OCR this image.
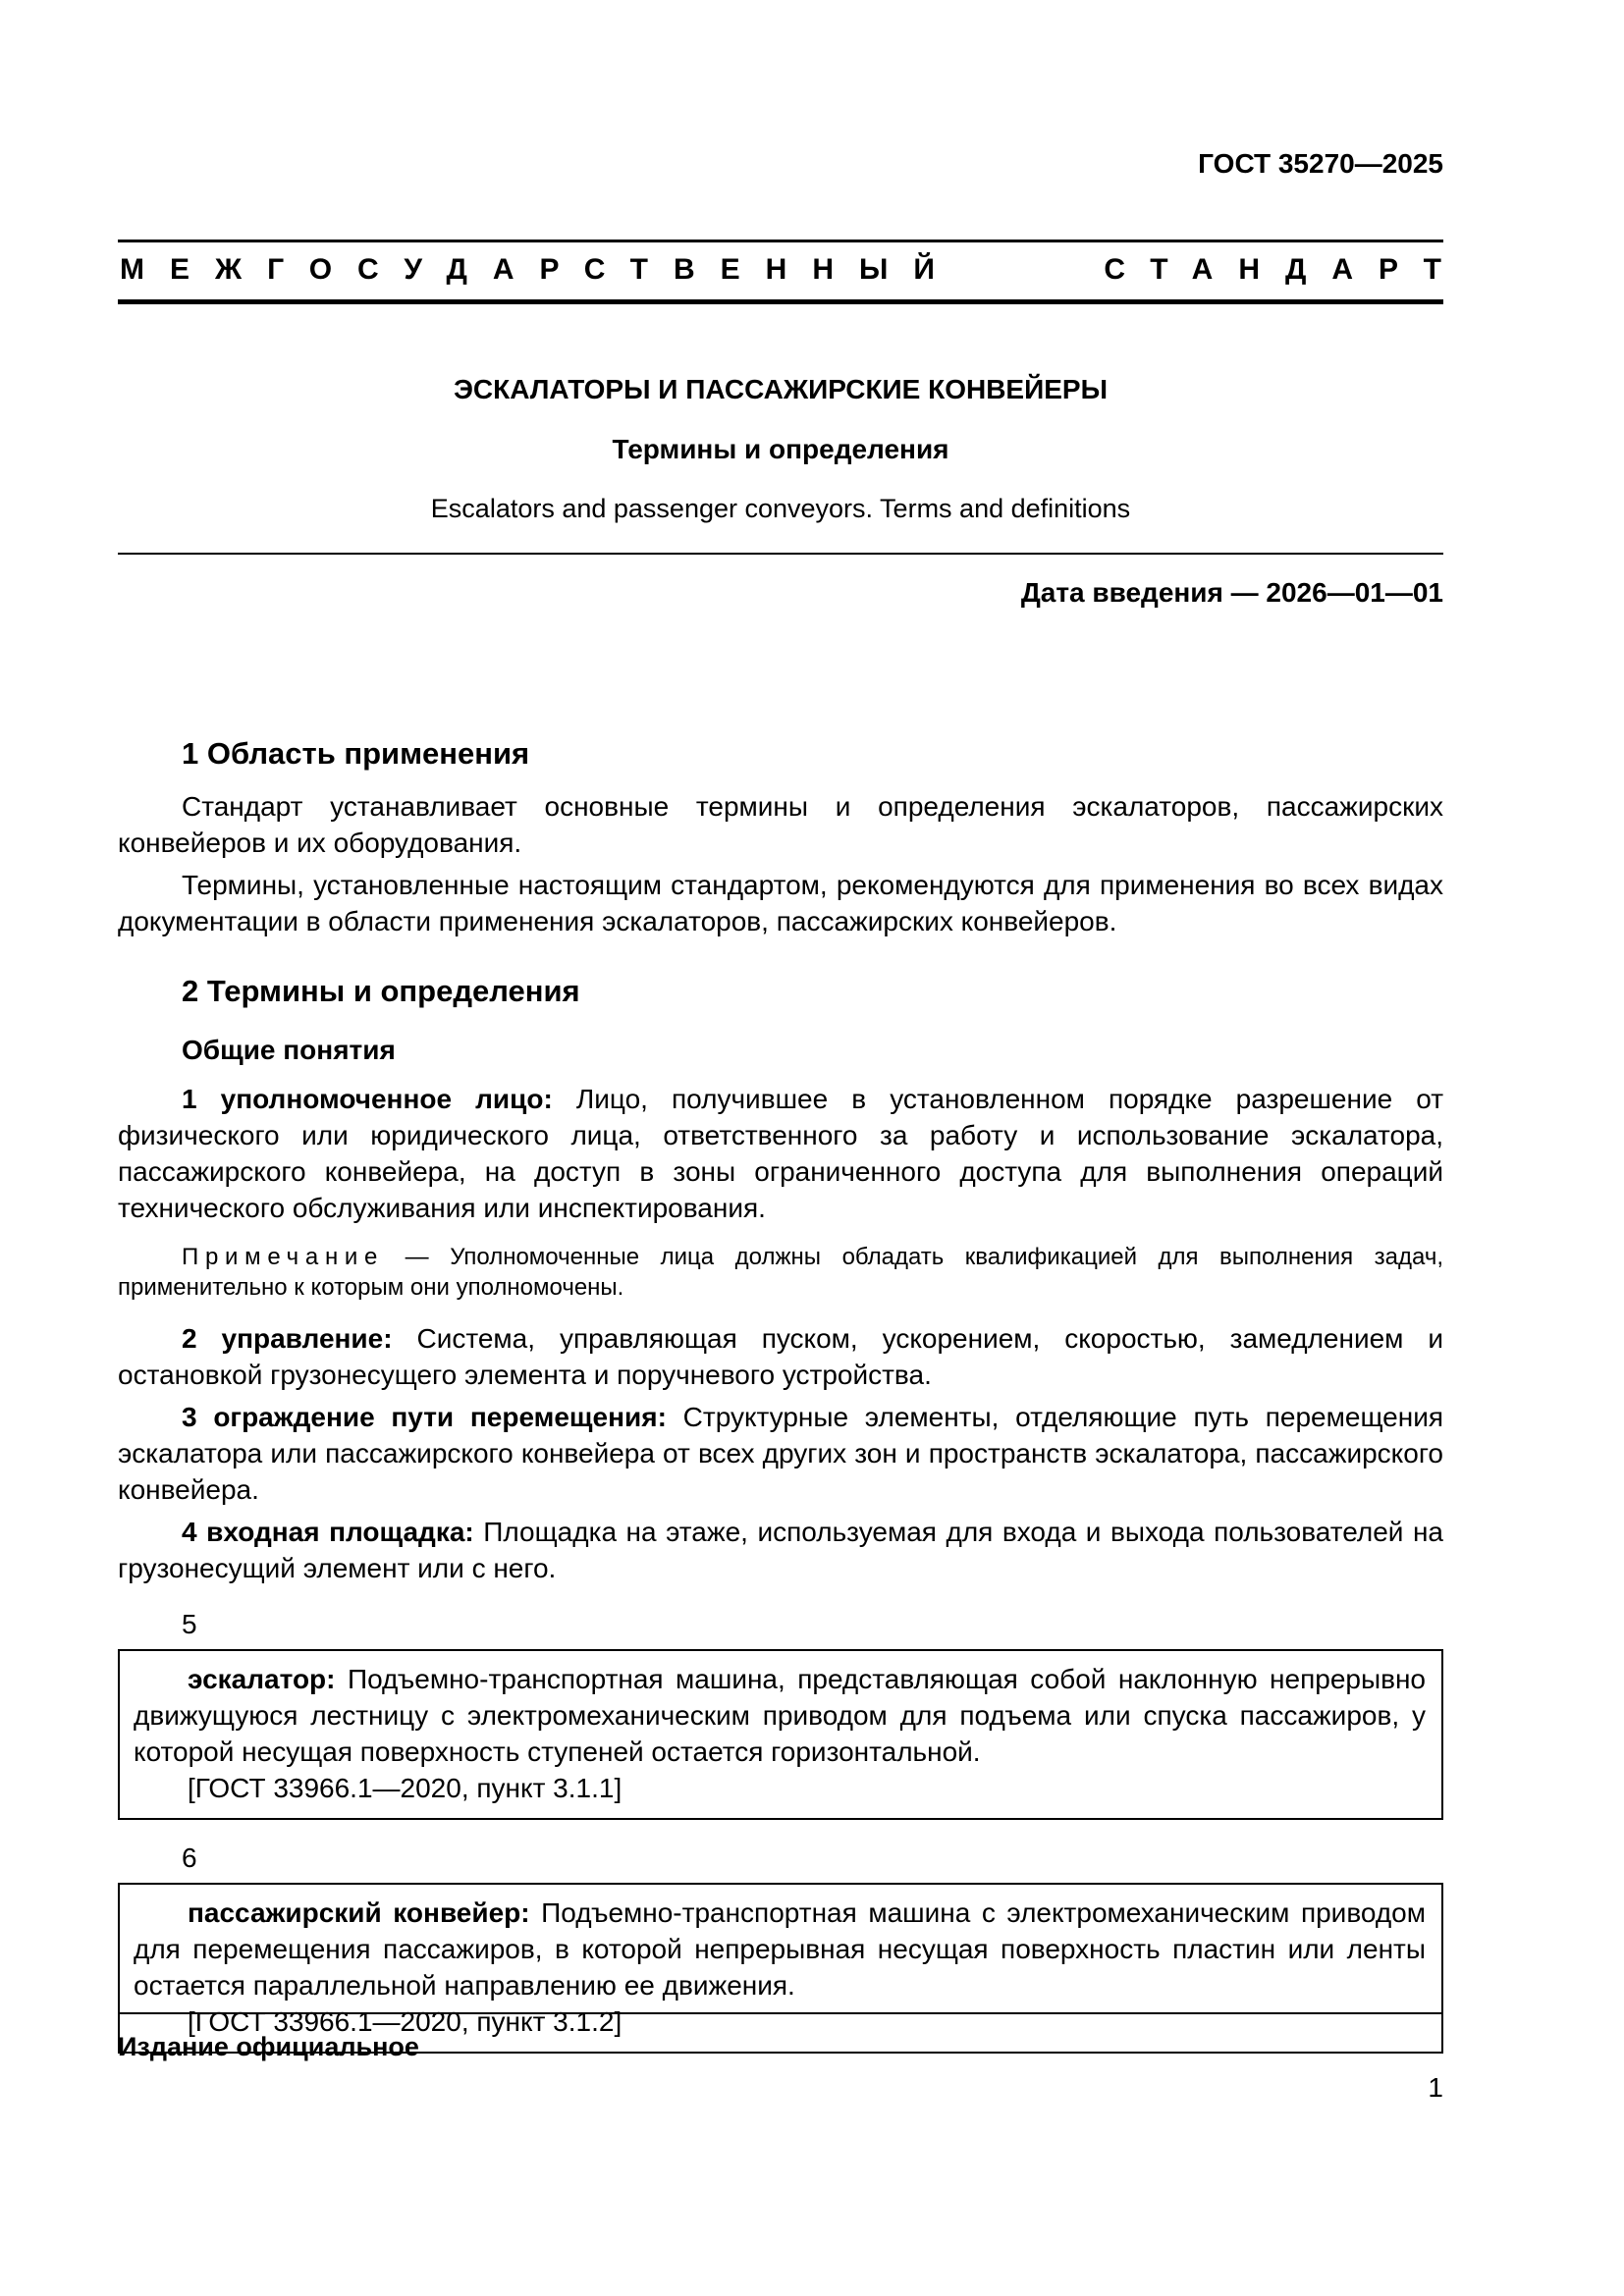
ГОСТ 35270—2025
МЕЖГОСУДАРСТВЕННЫЙ	СТАНДАРТ
ЭСКАЛАТОРЫ И ПАССАЖИРСКИЕ КОНВЕЙЕРЫ
Термины и определения
Escalators and passenger conveyors. Terms and definitions
Дата введения — 2026—01—01
1 Область применения

Стандарт устанавливает основные термины и определения эскалаторов, пассажирских конвейеров и их оборудования.

Термины, установленные настоящим стандартом, рекомендуются для применения во всех видах документации в области применения эскалаторов, пассажирских конвейеров.

2 Термины и определения
Общие понятия

1 уполномоченное лицо: Лицо, получившее в установленном порядке разрешение от физического или юридического лица, ответственного за работу и использование эскалатора, пассажирского конвейера, на доступ в зоны ограниченного доступа для выполнения операций технического обслуживания или инспектирования.

Примечание — Уполномоченные лица должны обладать квалификацией для выполнения задач, применительно к которым они уполномочены.

2 управление: Система, управляющая пуском, ускорением, скоростью, замедлением и остановкой грузонесущего элемента и поручневого устройства.

3 ограждение пути перемещения: Структурные элементы, отделяющие путь перемещения эскалатора или пассажирского конвейера от всех других зон и пространств эскалатора, пассажирского конвейера.

4 входная площадка: Площадка на этаже, используемая для входа и выхода пользователей на грузонесущий элемент или с него.

5

эскалатор: Подъемно-транспортная машина, представляющая собой наклонную непрерывно движущуюся лестницу с электромеханическим приводом для подъема или спуска пассажиров, у которой несущая поверхность ступеней остается горизонтальной.

[ГОСТ 33966.1—2020, пункт 3.1.1]

6

пассажирский конвейер: Подъемно-транспортная машина с электромеханическим приводом для перемещения пассажиров, в которой непрерывная несущая поверхность пластин или ленты остается параллельной направлению ее движения.

[ГОСТ 33966.1—2020, пункт 3.1.2]

Издание официальное
1
